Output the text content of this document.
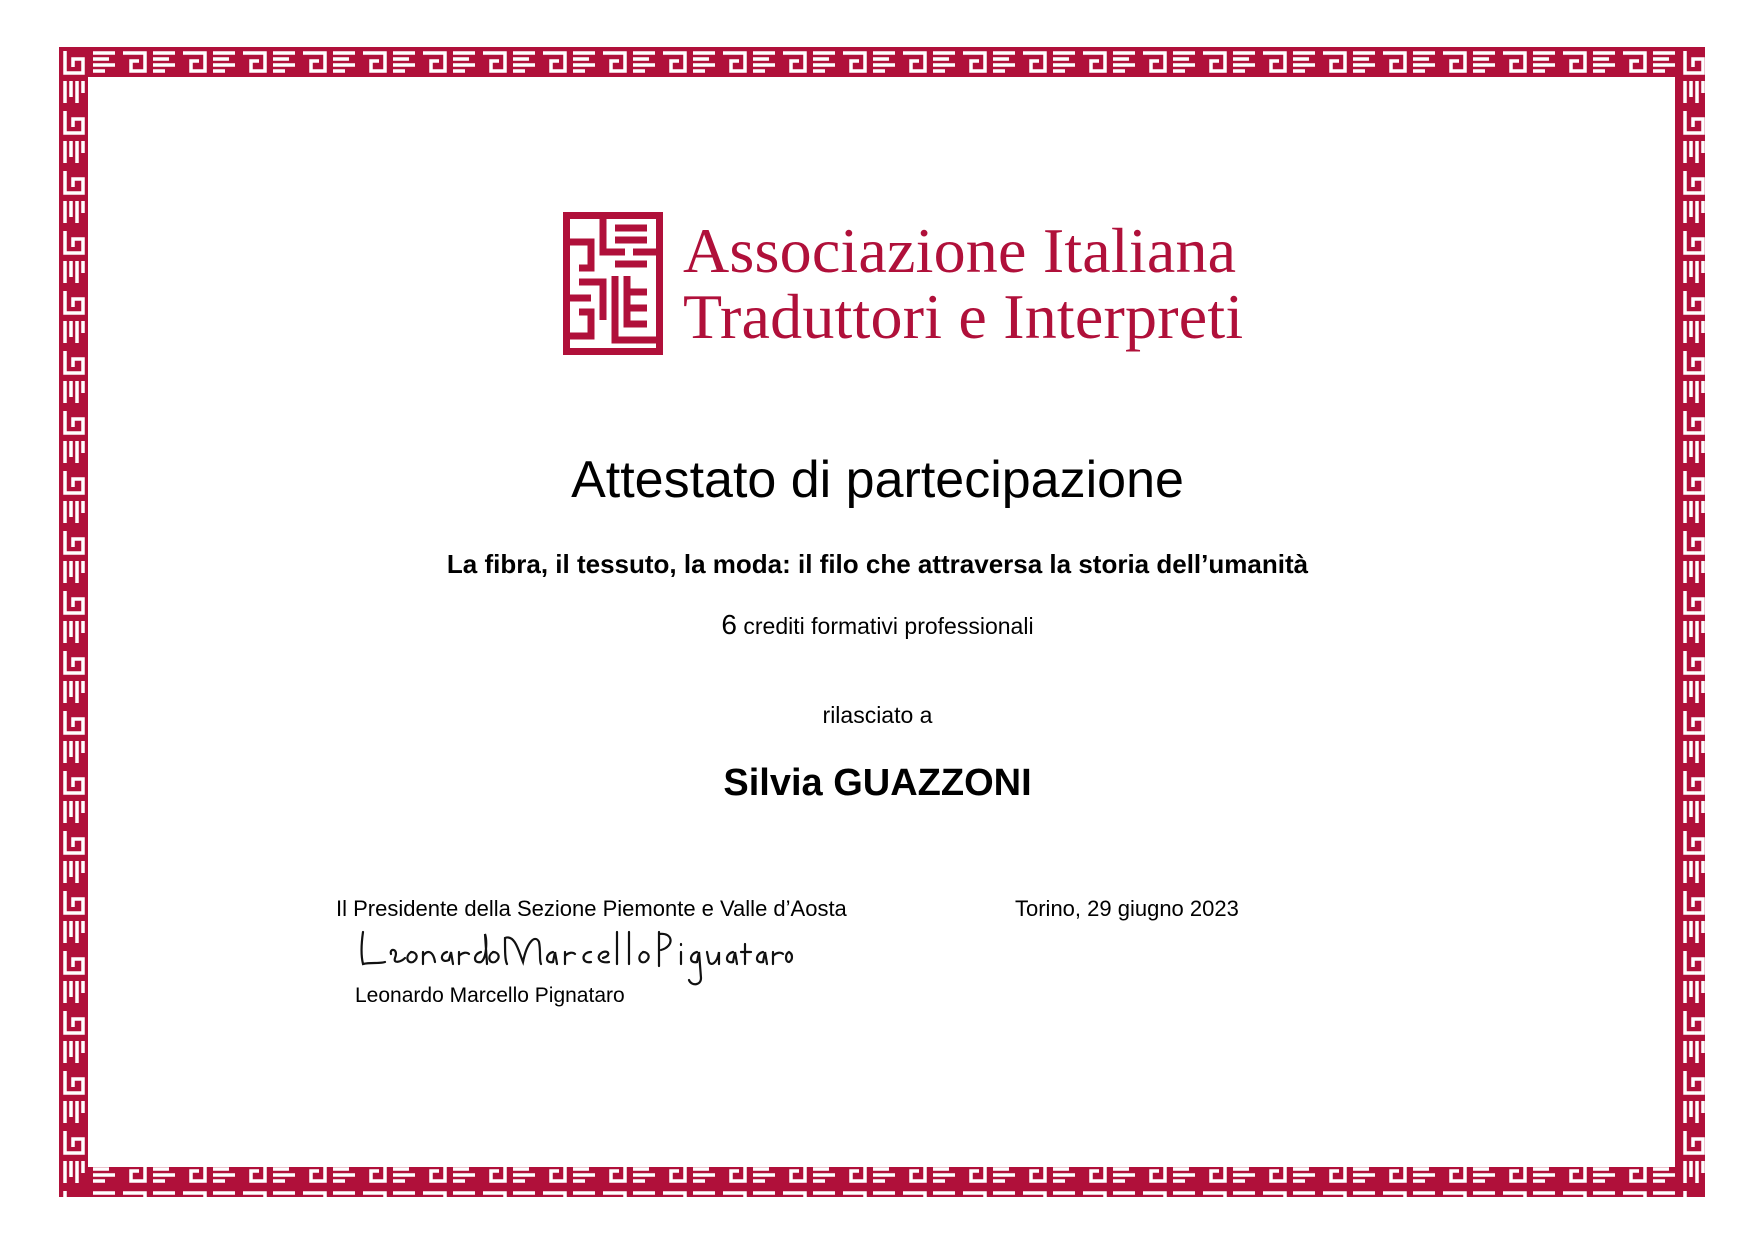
Associazione Italiana
Traduttori e Interpreti
Attestato di partecipazione
La fibra, il tessuto, la moda: il filo che attraversa la storia dell’umanità
6 crediti formativi professionali
rilasciato a
Silvia GUAZZONI
Il Presidente della Sezione Piemonte e Valle d’Aosta	Torino, 29 giugno 2023
Leonardo Marcello Pignataro
